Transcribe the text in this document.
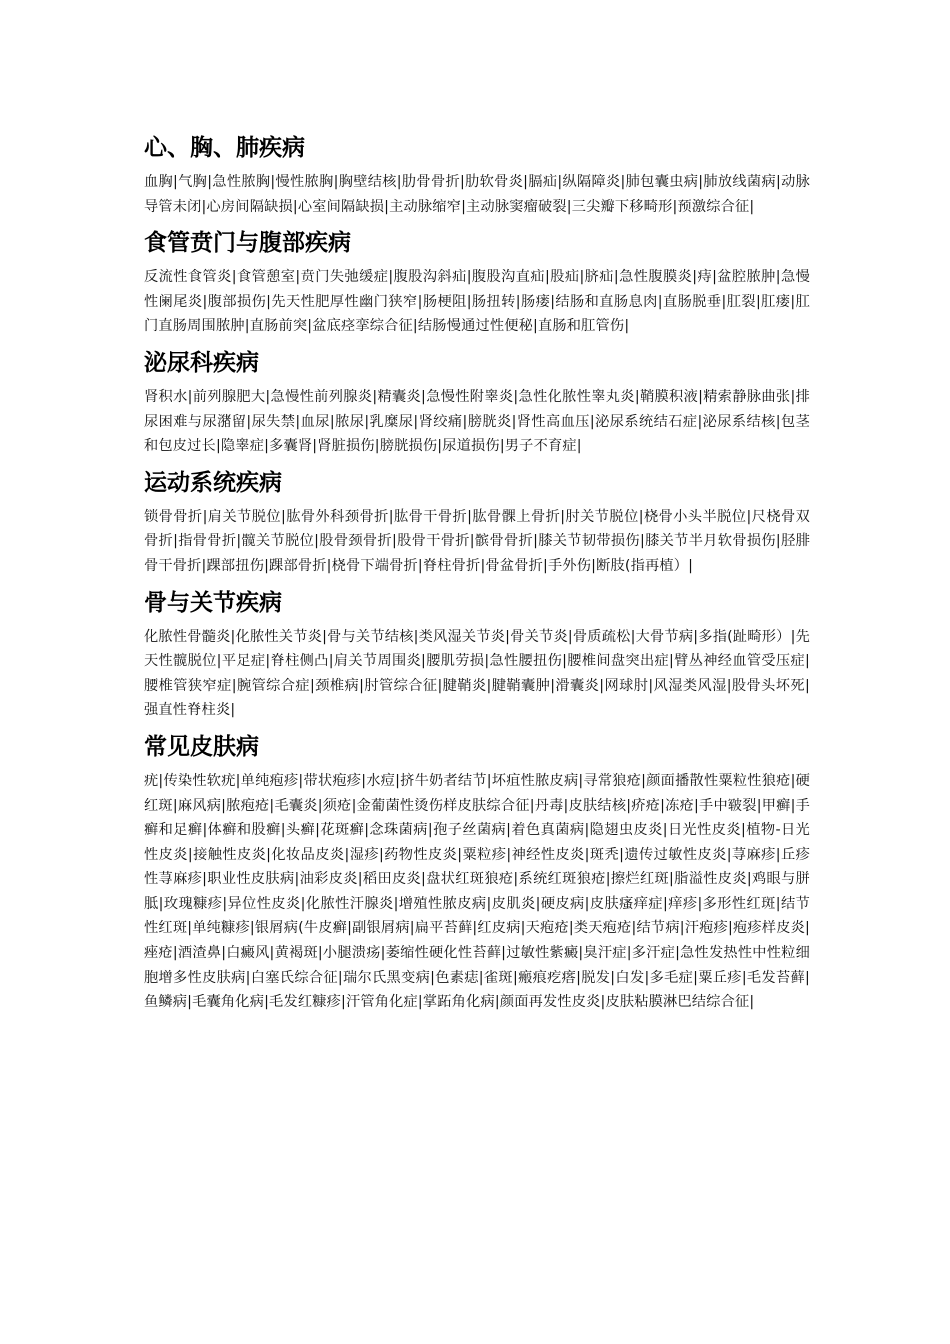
心、胸、肺疾病

血胸|气胸|急性脓胸|慢性脓胸|胸壁结核|肋骨骨折|肋软骨炎|膈疝|纵隔障炎|肺包囊虫病|肺放线菌病|动脉导管未闭|心房间隔缺损|心室间隔缺损|主动脉缩窄|主动脉窦瘤破裂|三尖瓣下移畸形|预激综合征|

食管贲门与腹部疾病

反流性食管炎|食管憩室|贲门失弛缓症|腹股沟斜疝|腹股沟直疝|股疝|脐疝|急性腹膜炎|痔|盆腔脓肿|急慢性阑尾炎|腹部损伤|先天性肥厚性幽门狭窄|肠梗阻|肠扭转|肠瘘|结肠和直肠息肉|直肠脱垂|肛裂|肛瘘|肛门直肠周围脓肿|直肠前突|盆底痉挛综合征|结肠慢通过性便秘|直肠和肛管伤|

泌尿科疾病

肾积水|前列腺肥大|急慢性前列腺炎|精囊炎|急慢性附睾炎|急性化脓性睾丸炎|鞘膜积液|精索静脉曲张|排尿困难与尿潴留|尿失禁|血尿|脓尿|乳糜尿|肾绞痛|膀胱炎|肾性高血压|泌尿系统结石症|泌尿系结核|包茎和包皮过长|隐睾症|多囊肾|肾脏损伤|膀胱损伤|尿道损伤|男子不育症|

运动系统疾病

锁骨骨折|肩关节脱位|肱骨外科颈骨折|肱骨干骨折|肱骨髁上骨折|肘关节脱位|桡骨小头半脱位|尺桡骨双骨折|指骨骨折|髋关节脱位|股骨颈骨折|股骨干骨折|髌骨骨折|膝关节韧带损伤|膝关节半月软骨损伤|胫腓骨干骨折|踝部扭伤|踝部骨折|桡骨下端骨折|脊柱骨折|骨盆骨折|手外伤|断肢(指再植）|

骨与关节疾病

化脓性骨髓炎|化脓性关节炎|骨与关节结核|类风湿关节炎|骨关节炎|骨质疏松|大骨节病|多指(趾畸形）|先天性髋脱位|平足症|脊柱侧凸|肩关节周围炎|腰肌劳损|急性腰扭伤|腰椎间盘突出症|臂丛神经血管受压症|腰椎管狭窄症|腕管综合症|颈椎病|肘管综合征|腱鞘炎|腱鞘囊肿|滑囊炎|网球肘|风湿类风湿|股骨头坏死|强直性脊柱炎|

常见皮肤病

疣|传染性软疣|单纯疱疹|带状疱疹|水痘|挤牛奶者结节|坏疽性脓皮病|寻常狼疮|颜面播散性粟粒性狼疮|硬红斑|麻风病|脓疱疮|毛囊炎|须疮|金葡菌性烫伤样皮肤综合征|丹毒|皮肤结核|疥疮|冻疮|手中皲裂|甲癣|手癣和足癣|体癣和股癣|头癣|花斑癣|念珠菌病|孢子丝菌病|着色真菌病|隐翅虫皮炎|日光性皮炎|植物-日光性皮炎|接触性皮炎|化妆品皮炎|湿疹|药物性皮炎|粟粒疹|神经性皮炎|斑秃|遗传过敏性皮炎|荨麻疹|丘疹性荨麻疹|职业性皮肤病|油彩皮炎|稻田皮炎|盘状红斑狼疮|系统红斑狼疮|擦烂红斑|脂溢性皮炎|鸡眼与胼胝|玫瑰糠疹|异位性皮炎|化脓性汗腺炎|增殖性脓皮病|皮肌炎|硬皮病|皮肤瘙痒症|痒疹|多形性红斑|结节性红斑|单纯糠疹|银屑病(牛皮癣|副银屑病|扁平苔藓|红皮病|天疱疮|类天疱疮|结节病|汗疱疹|疱疹样皮炎|痤疮|酒渣鼻|白癜风|黄褐斑|小腿溃疡|萎缩性硬化性苔藓|过敏性紫癜|臭汗症|多汗症|急性发热性中性粒细胞增多性皮肤病|白塞氏综合征|瑞尔氏黑变病|色素痣|雀斑|瘢痕疙瘩|脱发|白发|多毛症|粟丘疹|毛发苔藓|鱼鳞病|毛囊角化病|毛发红糠疹|汗管角化症|掌跖角化病|颜面再发性皮炎|皮肤粘膜淋巴结综合征|
